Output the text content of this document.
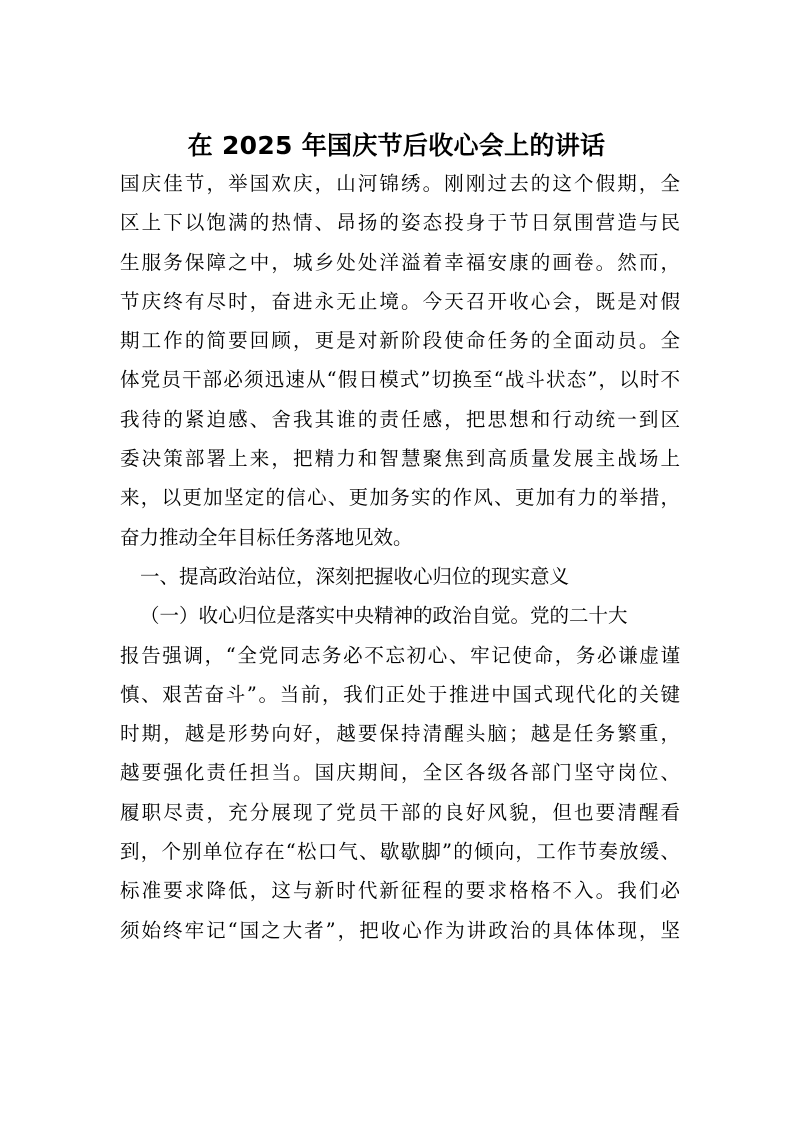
在 2025 年国庆节后收心会上的讲话
国庆佳节，举国欢庆，山河锦绣。刚刚过去的这个假期，全
区上下以饱满的热情、昂扬的姿态投身于节日氛围营造与民
生服务保障之中，城乡处处洋溢着幸福安康的画卷。然而，
节庆终有尽时，奋进永无止境。今天召开收心会，既是对假
期工作的简要回顾，更是对新阶段使命任务的全面动员。全
体党员干部必须迅速从“假日模式”切换至“战斗状态”，以时不
我待的紧迫感、舍我其谁的责任感，把思想和行动统一到区
委决策部署上来，把精力和智慧聚焦到高质量发展主战场上
来，以更加坚定的信心、更加务实的作风、更加有力的举措，
奋力推动全年目标任务落地见效。
一、提高政治站位，深刻把握收心归位的现实意义
（一）收心归位是落实中央精神的政治自觉。党的二十大
报告强调，“全党同志务必不忘初心、牢记使命，务必谦虚谨
慎、艰苦奋斗”。当前，我们正处于推进中国式现代化的关键
时期，越是形势向好，越要保持清醒头脑；越是任务繁重，
越要强化责任担当。国庆期间，全区各级各部门坚守岗位、
履职尽责，充分展现了党员干部的良好风貌，但也要清醒看
到，个别单位存在“松口气、歇歇脚”的倾向，工作节奏放缓、
标准要求降低，这与新时代新征程的要求格格不入。我们必
须始终牢记“国之大者”，把收心作为讲政治的具体体现，坚
